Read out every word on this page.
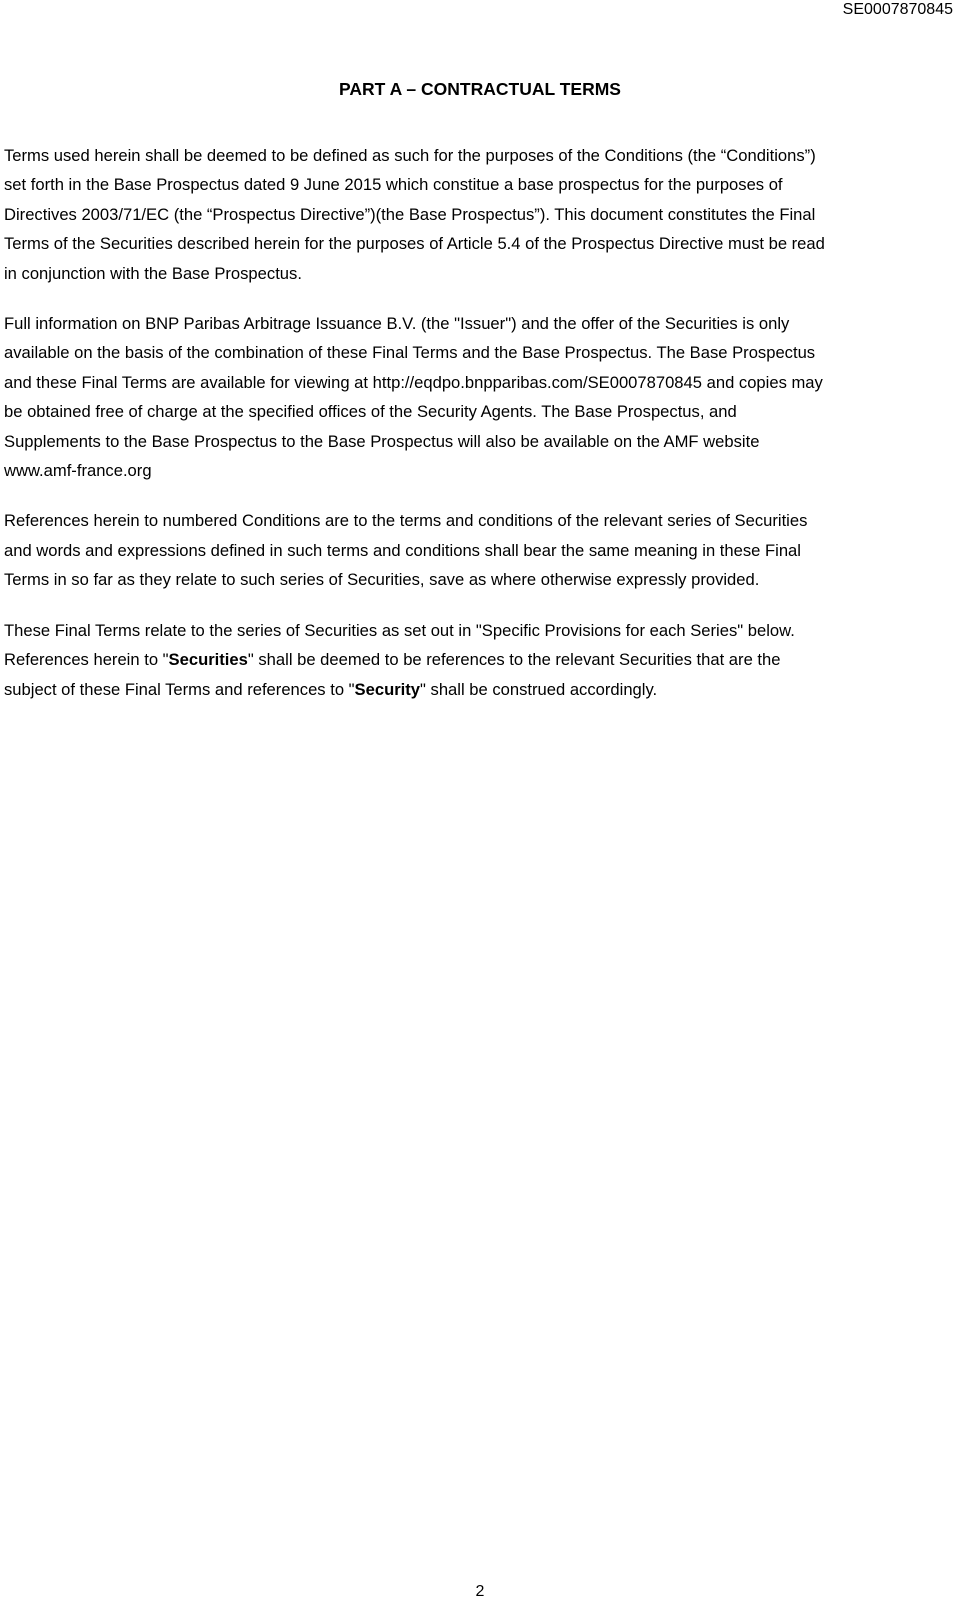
SE0007870845
PART A – CONTRACTUAL TERMS
Terms used herein shall be deemed to be defined as such for the purposes of the Conditions (the “Conditions”)
set forth in the Base Prospectus dated 9 June 2015 which constitue a base prospectus for the purposes of
Directives 2003/71/EC (the “Prospectus Directive”)(the Base Prospectus”). This document constitutes the Final
Terms of the Securities described herein for the purposes of Article 5.4 of the Prospectus Directive must be read
in conjunction with the Base Prospectus.
Full information on BNP Paribas Arbitrage Issuance B.V. (the "Issuer") and the offer of the Securities is only
available on the basis of the combination of these Final Terms and the Base Prospectus. The Base Prospectus
and these Final Terms are available for viewing at http://eqdpo.bnpparibas.com/SE0007870845 and copies may
be obtained free of charge at the specified offices of the Security Agents. The Base Prospectus, and
Supplements to the Base Prospectus to the Base Prospectus will also be available on the AMF website
www.amf-france.org
References herein to numbered Conditions are to the terms and conditions of the relevant series of Securities
and words and expressions defined in such terms and conditions shall bear the same meaning in these Final
Terms in so far as they relate to such series of Securities, save as where otherwise expressly provided.
These Final Terms relate to the series of Securities as set out in "Specific Provisions for each Series" below.
References herein to "Securities" shall be deemed to be references to the relevant Securities that are the
subject of these Final Terms and references to "Security" shall be construed accordingly.
2
